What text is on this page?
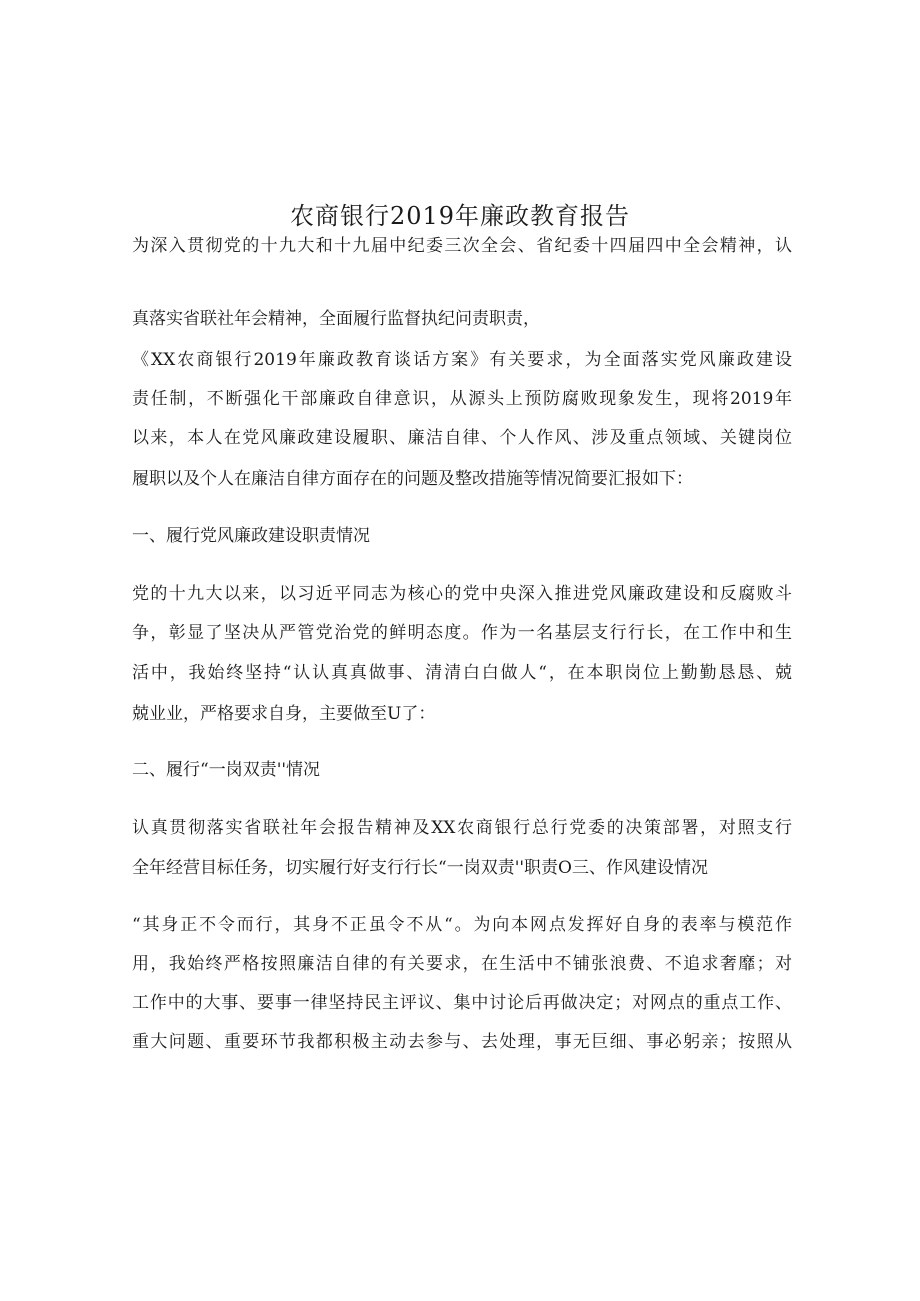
农商银行2019年廉政教育报告
为深入贯彻党的十九大和十九届中纪委三次全会、省纪委十四届四中全会精神，认
真落实省联社年会精神，全面履行监督执纪问责职责，
《XX农商银行2019年廉政教育谈话方案》有关要求，为全面落实党风廉政建设
责任制，不断强化干部廉政自律意识，从源头上预防腐败现象发生，现将2019年
以来，本人在党风廉政建设履职、廉洁自律、个人作风、涉及重点领域、关键岗位
履职以及个人在廉洁自律方面存在的问题及整改措施等情况简要汇报如下：
一、履行党风廉政建设职责情况
党的十九大以来，以习近平同志为核心的党中央深入推进党风廉政建设和反腐败斗
争，彰显了坚决从严管党治党的鲜明态度。作为一名基层支行行长，在工作中和生
活中，我始终坚持“认认真真做事、清清白白做人“，在本职岗位上勤勤恳恳、兢
兢业业，严格要求自身，主要做至U了：
二、履行“一岗双责''情况
认真贯彻落实省联社年会报告精神及XX农商银行总行党委的决策部署，对照支行
全年经营目标任务，切实履行好支行行长“一岗双责''职责O三、作风建设情况
“其身正不令而行，其身不正虽令不从“。为向本网点发挥好自身的表率与模范作
用，我始终严格按照廉洁自律的有关要求，在生活中不铺张浪费、不追求奢靡；对
工作中的大事、要事一律坚持民主评议、集中讨论后再做决定；对网点的重点工作、
重大问题、重要环节我都积极主动去参与、去处理，事无巨细、事必躬亲；按照从
